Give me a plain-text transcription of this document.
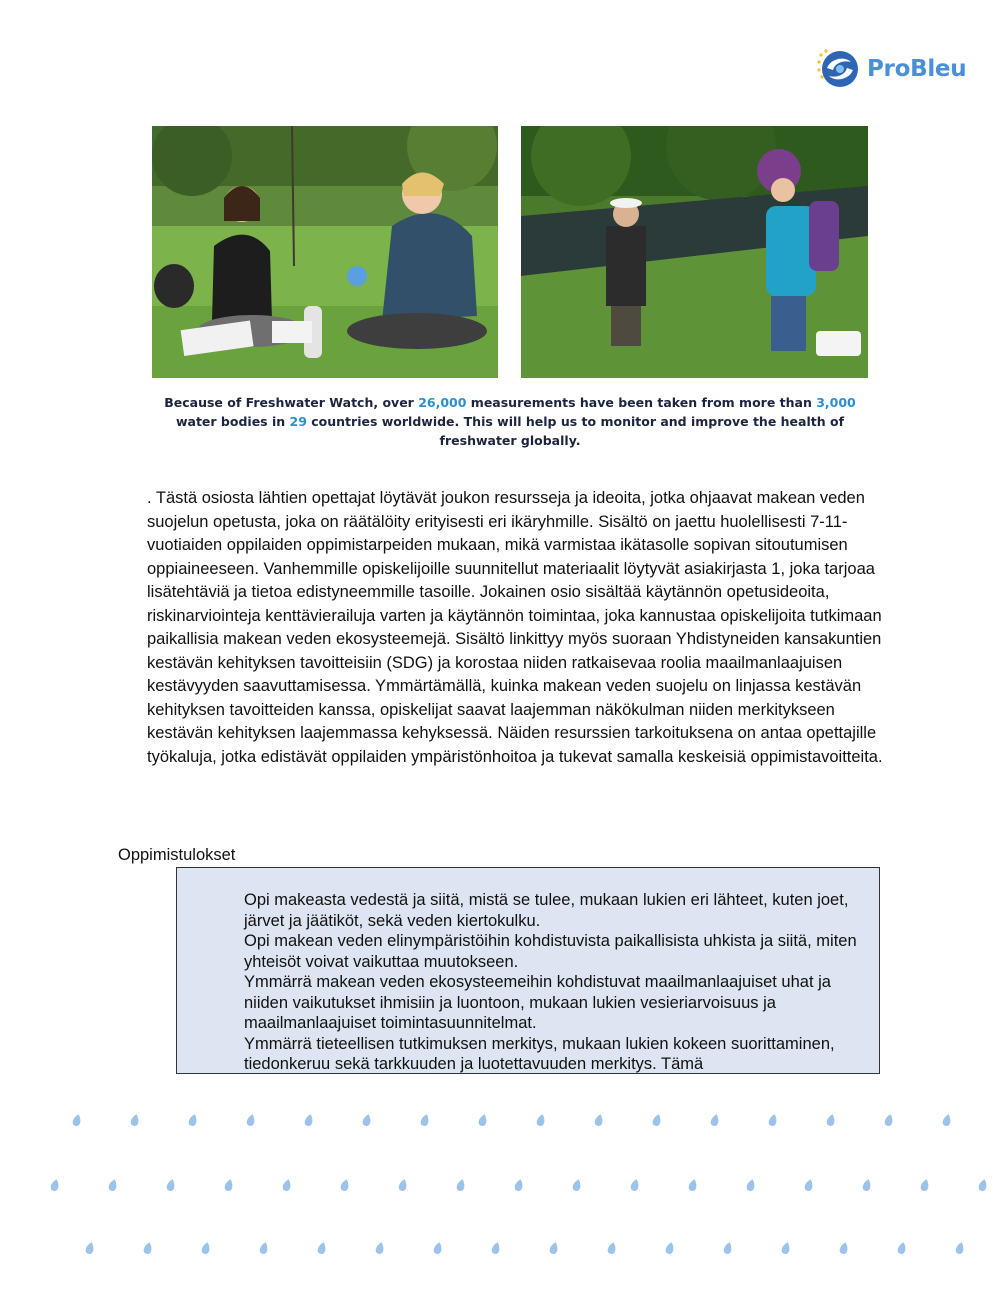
ProBleu
Because of Freshwater Watch, over 26,000 measurements have been taken from more than 3,000
water bodies in 29 countries worldwide. This will help us to monitor and improve the health of freshwater globally.

. Tästä osiosta lähtien opettajat löytävät joukon resursseja ja ideoita, jotka ohjaavat makean veden suojelun opetusta, joka on räätälöity erityisesti eri ikäryhmille. Sisältö on jaettu huolellisesti 7-11-vuotiaiden oppilaiden oppimistarpeiden mukaan, mikä varmistaa ikätasolle sopivan sitoutumisen oppiaineeseen. Vanhemmille opiskelijoille suunnitellut materiaalit löytyvät asiakirjasta 1, joka tarjoaa lisätehtäviä ja tietoa edistyneemmille tasoille. Jokainen osio sisältää käytännön opetusideoita, riskinarviointeja kenttävierailuja varten ja käytännön toimintaa, joka kannustaa opiskelijoita tutkimaan paikallisia makean veden ekosysteemejä. Sisältö linkittyy myös suoraan Yhdistyneiden kansakuntien kestävän kehityksen tavoitteisiin (SDG) ja korostaa niiden ratkaisevaa roolia maailmanlaajuisen kestävyyden saavuttamisessa. Ymmärtämällä, kuinka makean veden suojelu on linjassa kestävän kehityksen tavoitteiden kanssa, opiskelijat saavat laajemman näkökulman niiden merkitykseen kestävän kehityksen laajemmassa kehyksessä. Näiden resurssien tarkoituksena on antaa opettajille työkaluja, jotka edistävät oppilaiden ympäristönhoitoa ja tukevat samalla keskeisiä oppimistavoitteita.

Oppimistulokset
Opi makeasta vedestä ja siitä, mistä se tulee, mukaan lukien eri lähteet, kuten joet, järvet ja jäätiköt, sekä veden kiertokulku.
Opi makean veden elinympäristöihin kohdistuvista paikallisista uhkista ja siitä, miten yhteisöt voivat vaikuttaa muutokseen.
Ymmärrä makean veden ekosysteemeihin kohdistuvat maailmanlaajuiset uhat ja niiden vaikutukset ihmisiin ja luontoon, mukaan lukien vesieriarvoisuus ja maailmanlaajuiset toimintasuunnitelmat.
Ymmärrä tieteellisen tutkimuksen merkitys, mukaan lukien kokeen suorittaminen, tiedonkeruu sekä tarkkuuden ja luotettavuuden merkitys. Tämä
